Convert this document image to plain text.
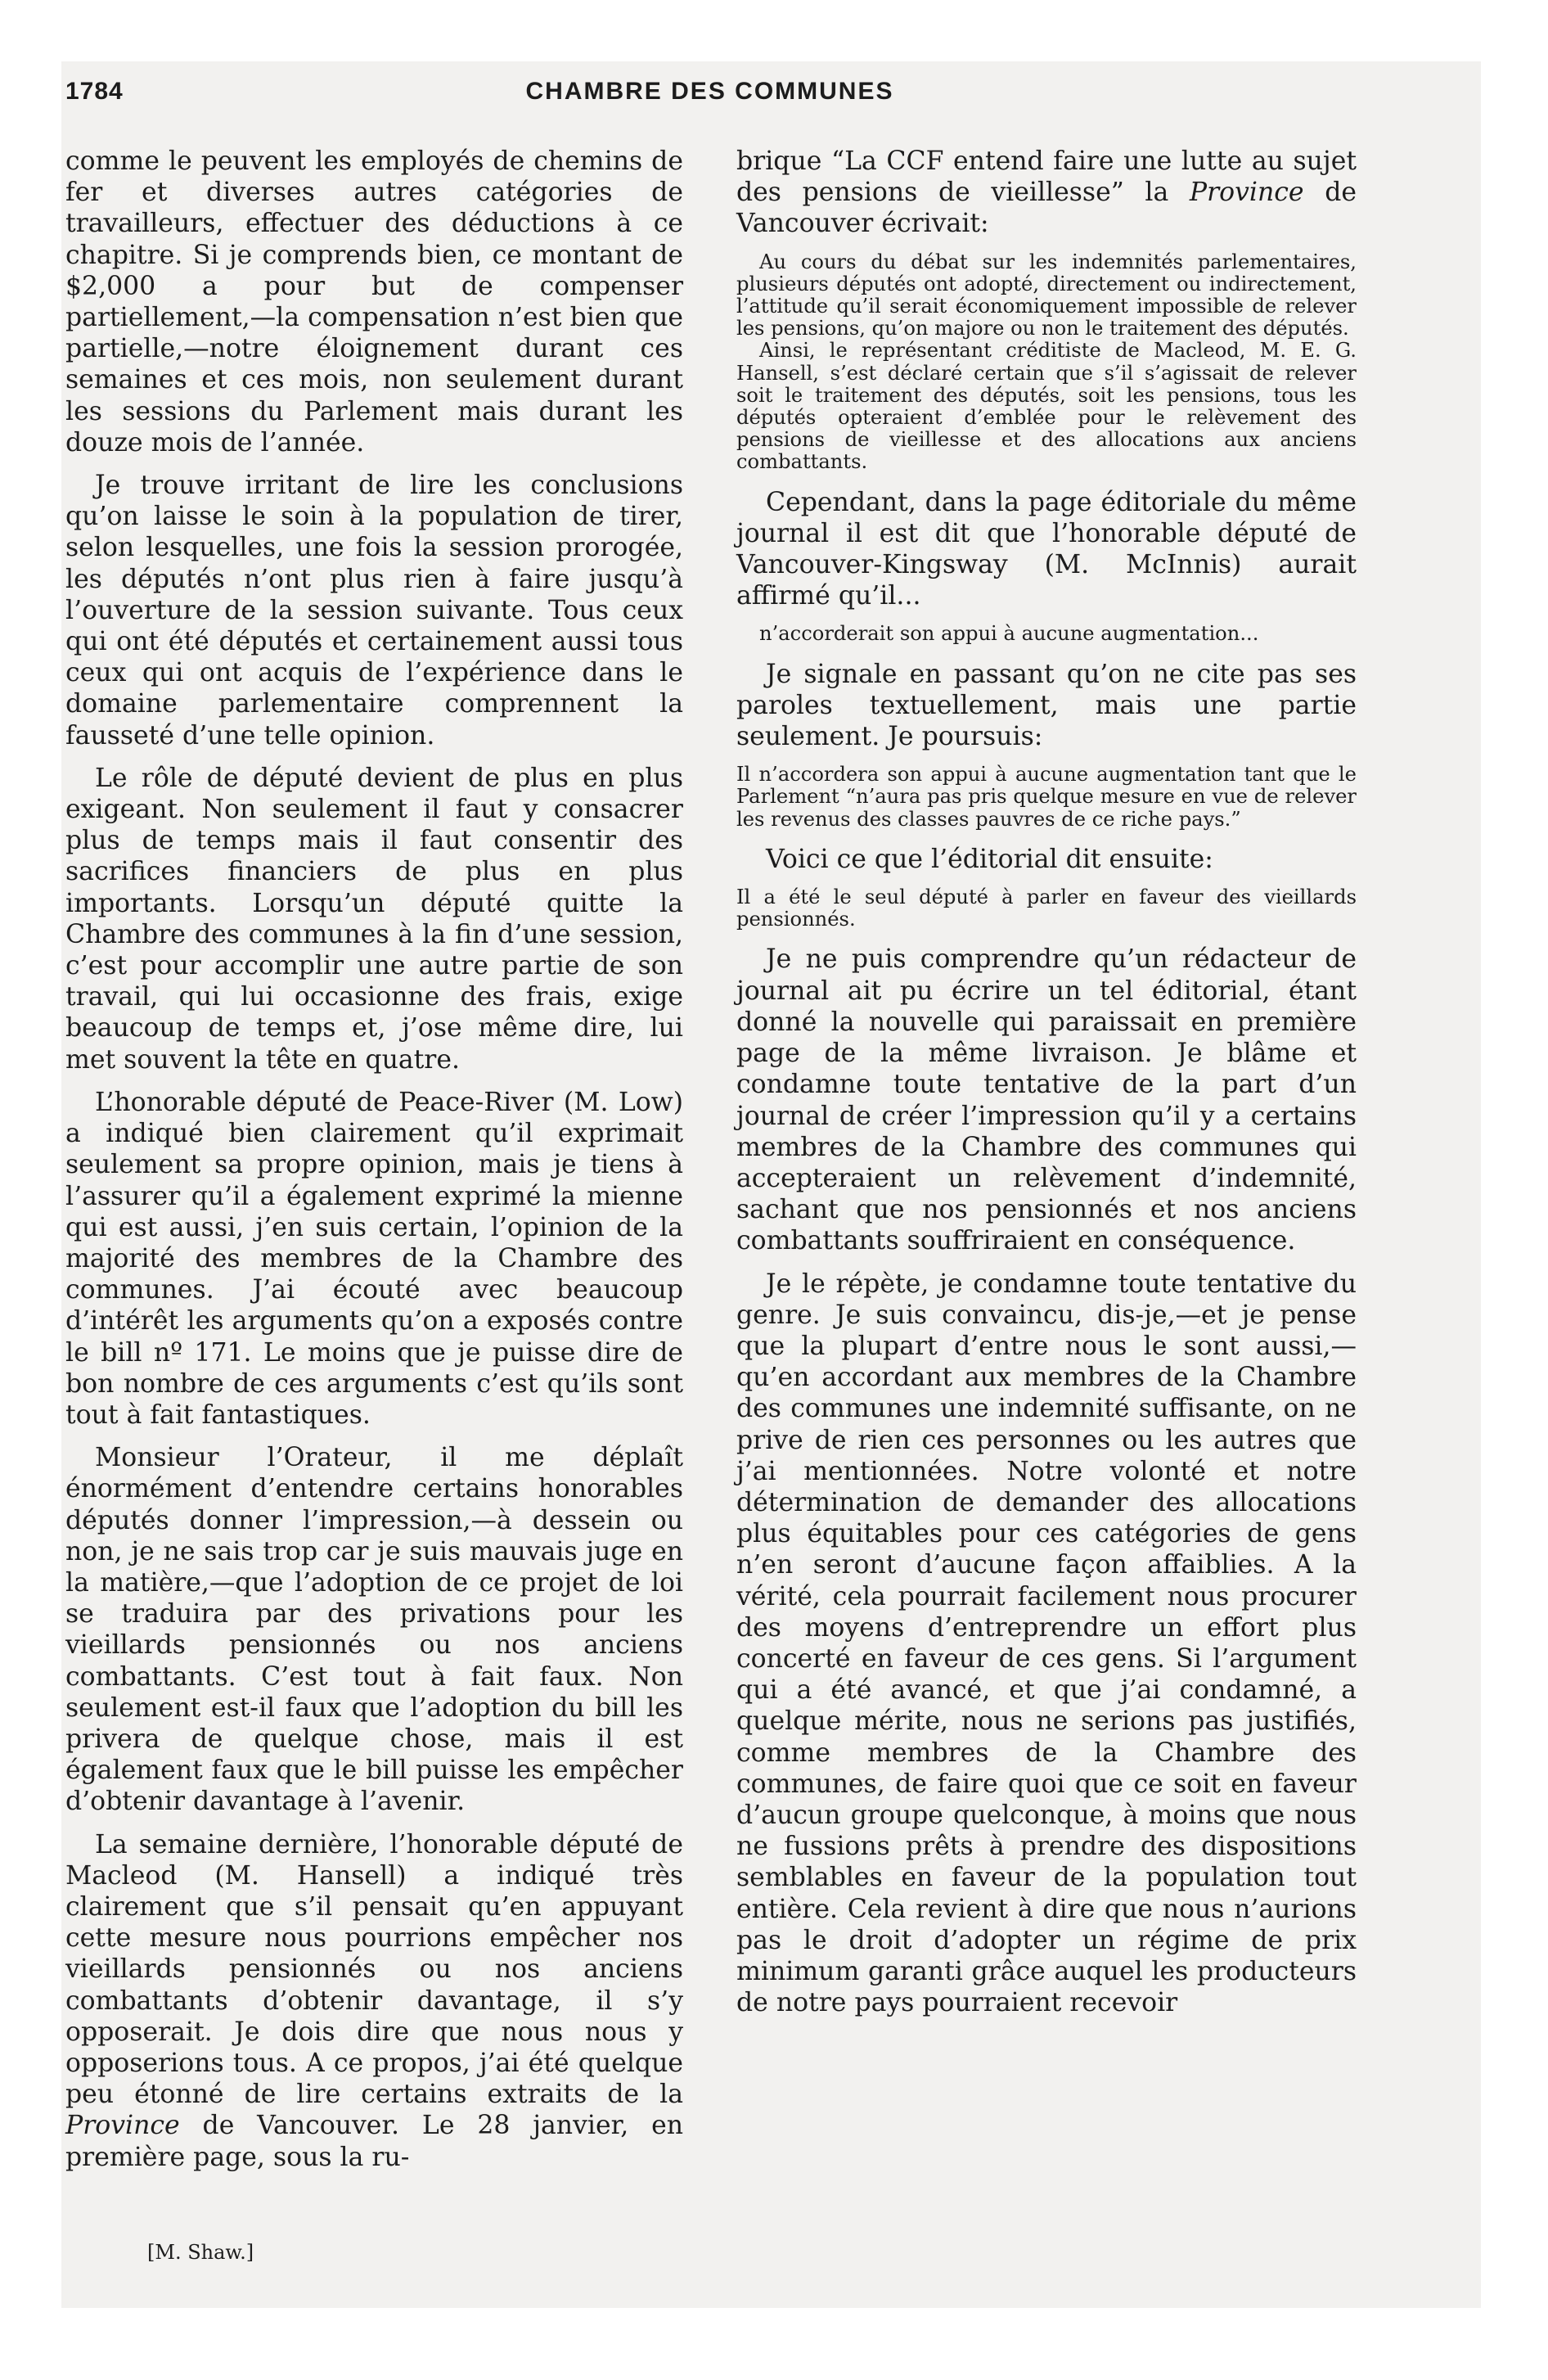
1784	CHAMBRE DES COMMUNES

comme le peuvent les employés de chemins de fer et diverses autres catégories de travailleurs, effectuer des déductions à ce chapitre. Si je comprends bien, ce montant de $2,000 a pour but de compenser partiellement,—la compensation n’est bien que partielle,—notre éloignement durant ces semaines et ces mois, non seulement durant les sessions du Parlement mais durant les douze mois de l’année.

Je trouve irritant de lire les conclusions qu’on laisse le soin à la population de tirer, selon lesquelles, une fois la session prorogée, les députés n’ont plus rien à faire jusqu’à l’ouverture de la session suivante. Tous ceux qui ont été députés et certainement aussi tous ceux qui ont acquis de l’expérience dans le domaine parlementaire comprennent la fausseté d’une telle opinion.

Le rôle de député devient de plus en plus exigeant. Non seulement il faut y consacrer plus de temps mais il faut consentir des sacrifices financiers de plus en plus importants. Lorsqu’un député quitte la Chambre des communes à la fin d’une session, c’est pour accomplir une autre partie de son travail, qui lui occasionne des frais, exige beaucoup de temps et, j’ose même dire, lui met souvent la tête en quatre.

L’honorable député de Peace-River (M. Low) a indiqué bien clairement qu’il exprimait seulement sa propre opinion, mais je tiens à l’assurer qu’il a également exprimé la mienne qui est aussi, j’en suis certain, l’opinion de la majorité des membres de la Chambre des communes. J’ai écouté avec beaucoup d’intérêt les arguments qu’on a exposés contre le bill nº 171. Le moins que je puisse dire de bon nombre de ces arguments c’est qu’ils sont tout à fait fantastiques.

Monsieur l’Orateur, il me déplaît énormément d’entendre certains honorables députés donner l’impression,—à dessein ou non, je ne sais trop car je suis mauvais juge en la matière,—que l’adoption de ce projet de loi se traduira par des privations pour les vieillards pensionnés ou nos anciens combattants. C’est tout à fait faux. Non seulement est-il faux que l’adoption du bill les privera de quelque chose, mais il est également faux que le bill puisse les empêcher d’obtenir davantage à l’avenir.

La semaine dernière, l’honorable député de Macleod (M. Hansell) a indiqué très clairement que s’il pensait qu’en appuyant cette mesure nous pourrions empêcher nos vieillards pensionnés ou nos anciens combattants d’obtenir davantage, il s’y opposerait. Je dois dire que nous nous y opposerions tous. A ce propos, j’ai été quelque peu étonné de lire certains extraits de la Province de Vancouver. Le 28 janvier, en première page, sous la ru-

brique “La CCF entend faire une lutte au sujet des pensions de vieillesse” la Province de Vancouver écrivait:

Au cours du débat sur les indemnités parlementaires, plusieurs députés ont adopté, directement ou indirectement, l’attitude qu’il serait économiquement impossible de relever les pensions, qu’on majore ou non le traitement des députés.
Ainsi, le représentant créditiste de Macleod, M. E. G. Hansell, s’est déclaré certain que s’il s’agissait de relever soit le traitement des députés, soit les pensions, tous les députés opteraient d’emblée pour le relèvement des pensions de vieillesse et des allocations aux anciens combattants.

Cependant, dans la page éditoriale du même journal il est dit que l’honorable député de Vancouver-Kingsway (M. McInnis) aurait affirmé qu’il...

n’accorderait son appui à aucune augmentation...

Je signale en passant qu’on ne cite pas ses paroles textuellement, mais une partie seulement. Je poursuis:

Il n’accordera son appui à aucune augmentation tant que le Parlement “n’aura pas pris quelque mesure en vue de relever les revenus des classes pauvres de ce riche pays.”

Voici ce que l’éditorial dit ensuite:

Il a été le seul député à parler en faveur des vieillards pensionnés.

Je ne puis comprendre qu’un rédacteur de journal ait pu écrire un tel éditorial, étant donné la nouvelle qui paraissait en première page de la même livraison. Je blâme et condamne toute tentative de la part d’un journal de créer l’impression qu’il y a certains membres de la Chambre des communes qui accepteraient un relèvement d’indemnité, sachant que nos pensionnés et nos anciens combattants souffriraient en conséquence.

Je le répète, je condamne toute tentative du genre. Je suis convaincu, dis-je,—et je pense que la plupart d’entre nous le sont aussi,—qu’en accordant aux membres de la Chambre des communes une indemnité suffisante, on ne prive de rien ces personnes ou les autres que j’ai mentionnées. Notre volonté et notre détermination de demander des allocations plus équitables pour ces catégories de gens n’en seront d’aucune façon affaiblies. A la vérité, cela pourrait facilement nous procurer des moyens d’entreprendre un effort plus concerté en faveur de ces gens. Si l’argument qui a été avancé, et que j’ai condamné, a quelque mérite, nous ne serions pas justifiés, comme membres de la Chambre des communes, de faire quoi que ce soit en faveur d’aucun groupe quelconque, à moins que nous ne fussions prêts à prendre des dispositions semblables en faveur de la population tout entière. Cela revient à dire que nous n’aurions pas le droit d’adopter un régime de prix minimum garanti grâce auquel les producteurs de notre pays pourraient recevoir

[M. Shaw.]
